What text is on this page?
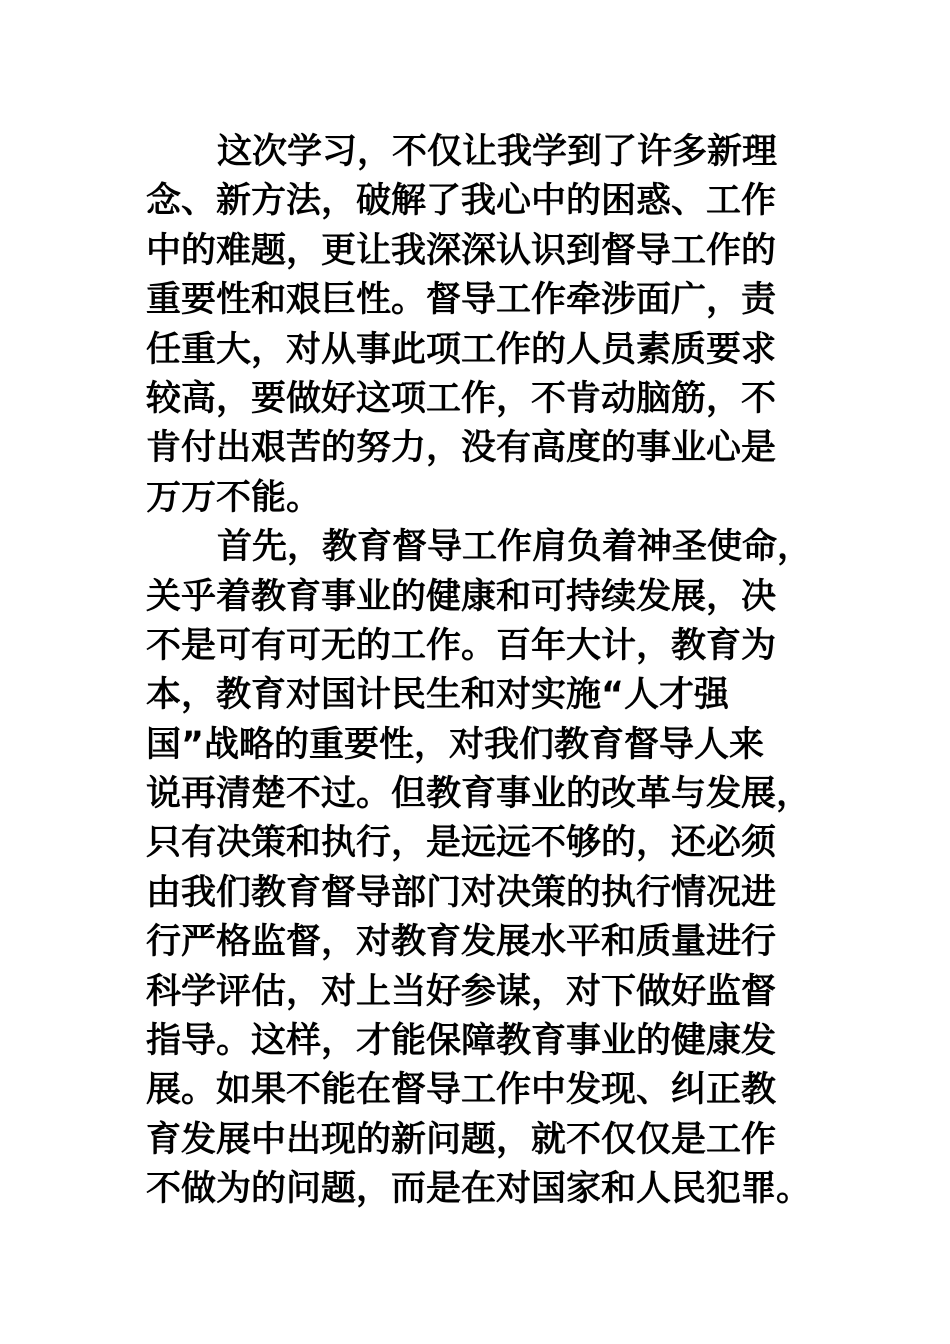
这次学习，不仅让我学到了许多新理
念、新方法，破解了我心中的困惑、工作
中的难题，更让我深深认识到督导工作的
重要性和艰巨性。督导工作牵涉面广，责
任重大，对从事此项工作的人员素质要求
较高，要做好这项工作，不肯动脑筋，不
肯付出艰苦的努力，没有高度的事业心是
万万不能。
首先，教育督导工作肩负着神圣使命，
关乎着教育事业的健康和可持续发展，决
不是可有可无的工作。百年大计，教育为
本，教育对国计民生和对实施“人才强
国”战略的重要性，对我们教育督导人来
说再清楚不过。但教育事业的改革与发展，
只有决策和执行，是远远不够的，还必须
由我们教育督导部门对决策的执行情况进
行严格监督，对教育发展水平和质量进行
科学评估，对上当好参谋，对下做好监督
指导。这样，才能保障教育事业的健康发
展。如果不能在督导工作中发现、纠正教
育发展中出现的新问题，就不仅仅是工作
不做为的问题，而是在对国家和人民犯罪。
